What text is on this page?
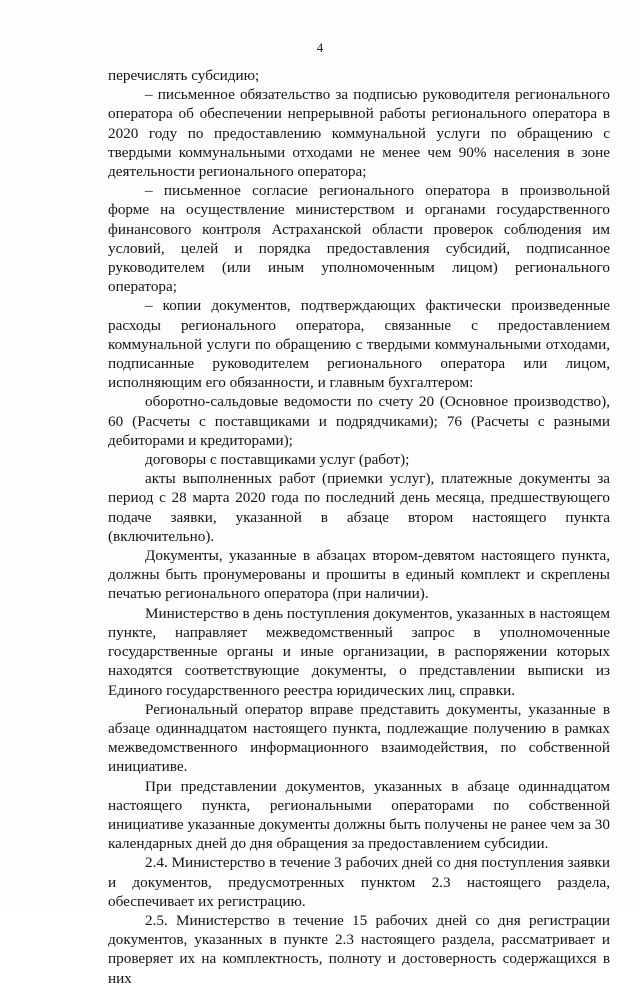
4

перечислять субсидию;

– письменное обязательство за подписью руководителя регионального оператора об обеспечении непрерывной работы регионального оператора в 2020 году по предоставлению коммунальной услуги по обращению с твердыми коммунальными отходами не менее чем 90% населения в зоне деятельности регионального оператора;

– письменное согласие регионального оператора в произвольной форме на осуществление министерством и органами государственного финансового контроля Астраханской области проверок соблюдения им условий, целей и порядка предоставления субсидий, подписанное руководителем (или иным уполномоченным лицом) регионального оператора;

– копии документов, подтверждающих фактически произведенные расходы регионального оператора, связанные с предоставлением коммунальной услуги по обращению с твердыми коммунальными отходами, подписанные руководителем регионального оператора или лицом, исполняющим его обязанности, и главным бухгалтером:

оборотно-сальдовые ведомости по счету 20 (Основное производство), 60 (Расчеты с поставщиками и подрядчиками); 76 (Расчеты с разными дебиторами и кредиторами);

договоры с поставщиками услуг (работ);

акты выполненных работ (приемки услуг), платежные документы за период с 28 марта 2020 года по последний день месяца, предшествующего подаче заявки, указанной в абзаце втором настоящего пункта (включительно).

Документы, указанные в абзацах втором-девятом настоящего пункта, должны быть пронумерованы и прошиты в единый комплект и скреплены печатью регионального оператора (при наличии).

Министерство в день поступления документов, указанных в настоящем пункте, направляет межведомственный запрос в уполномоченные государственные органы и иные организации, в распоряжении которых находятся соответствующие документы, о представлении выписки из Единого государственного реестра юридических лиц, справки.

Региональный оператор вправе представить документы, указанные в абзаце одиннадцатом настоящего пункта, подлежащие получению в рамках межведомственного информационного взаимодействия, по собственной инициативе.

При представлении документов, указанных в абзаце одиннадцатом настоящего пункта, региональными операторами по собственной инициативе указанные документы должны быть получены не ранее чем за 30 календарных дней до дня обращения за предоставлением субсидии.

2.4. Министерство в течение 3 рабочих дней со дня поступления заявки и документов, предусмотренных пунктом 2.3 настоящего раздела, обеспечивает их регистрацию.

2.5. Министерство в течение 15 рабочих дней со дня регистрации документов, указанных в пункте 2.3 настоящего раздела, рассматривает и проверяет их на комплектность, полноту и достоверность содержащихся в них
